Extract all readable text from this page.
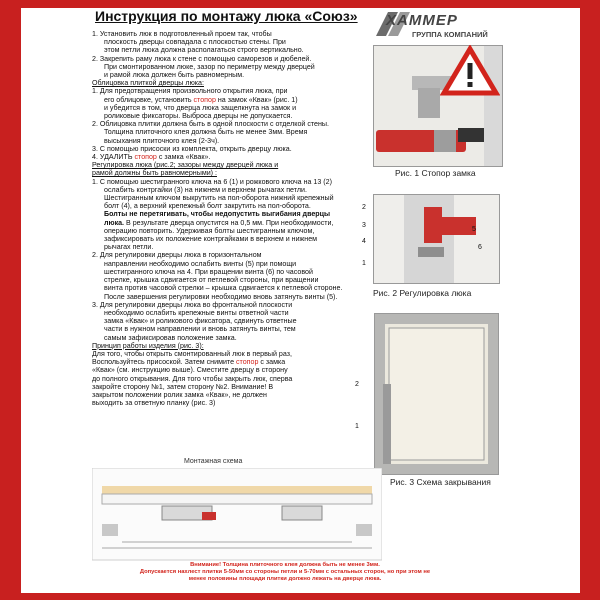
ХАММЕР
ГРУППА КОМПАНИЙ
Инструкция по монтажу люка «Союз»
1. Установить люк в подготовленный проем так, чтобы
плоскость дверцы совпадала с плоскостью стены. При
этом петли люка должна располагаться строго вертикально.
2. Закрепить раму люка к стене с помощью саморезов и дюбелей.
При смонтированном люке, зазор по периметру между дверцей
и рамой люка должен быть равномерным.
Облицовка плиткой дверцы люка:
1. Для предотвращения произвольного открытия люка, при
его облицовке, установить стопор на замок «Квак» (рис. 1)
и убедится в том, что дверца люка защелкнута на замок и
роликовые фиксаторы. Выброса дверцы не допускается.
2. Облицовка плитки должна быть в одной плоскости с отделкой стены.
Толщина плиточного клея должна быть не менее 3мм. Время
высыхания плиточного клея (2-3ч).
3. С помощью присоски из комплекта, открыть дверцу люка.
4. УДАЛИТЬ стопор с замка «Квак».
Регулировка люка (рис.2; зазоры между дверцей люка и
рамой должны быть равномерными) :
1. С помощью шестигранного ключа на 6 (1) и рожкового ключа на 13 (2)
ослабить контргайки (3) на нижнем и верхнем рычагах петли.
Шестигранным ключом выкрутить на пол-оборота нижний крепежный
болт (4), а верхний крепежный болт закрутить на пол-оборота.
Болты не перетягивать, чтобы недопустить выгибания дверцы
люка. В результате дверца опустится на 0,5 мм. При необходимости,
операцию повторить. Удерживая болты шестигранным ключом,
зафиксировать их положение контргайками в верхнем и нижнем
рычагах петли.
2. Для регулировки дверцы люка в горизонтальном
направлении необходимо ослабить винты (5) при помощи
шестигранного ключа на 4. При вращении винта (6) по часовой
стрелке, крышка сдвигается от петлевой стороны, при вращении
винта против часовой стрелки – крышка сдвигается к петлевой стороне.
После завершения регулировки необходимо вновь затянуть винты (5).
3. Для регулировки дверцы люка во фронтальной плоскости
необходимо ослабить крепежные винты ответной части
замка «Квак» и роликового фиксатора, сдвинуть ответные
части в нужном направлении и вновь затянуть винты, тем
самым зафиксировав положение замка.
Принцип работы изделия (рис. 3):
Для того, чтобы открыть смонтированный люк в первый раз,
Воспользуйтесь присоской. Затем снимите стопор с замка
«Квак» (см. инструкцию выше). Сместите дверцу в сторону
до полного открывания. Для того чтобы закрыть люк, сперва
закройте сторону №1, затем сторону №2. Внимание! В
закрытом положении ролик замка «Квак», не должен
выходить за ответную планку (рис. 3)
Рис. 1 Стопор замка
2
3
4
1
5
6
Рис. 2 Регулировка люка
2
1
Рис. 3 Схема закрывания
Монтажная схема
Внимание! Толщина плиточного клея должна быть не менее 3мм.
Допускается нахлест плитки 5-50мм со стороны петли и 5-70мм с остальных сторон, но при этом не
менее половины площади плитки должно лежать на дверце люка.
